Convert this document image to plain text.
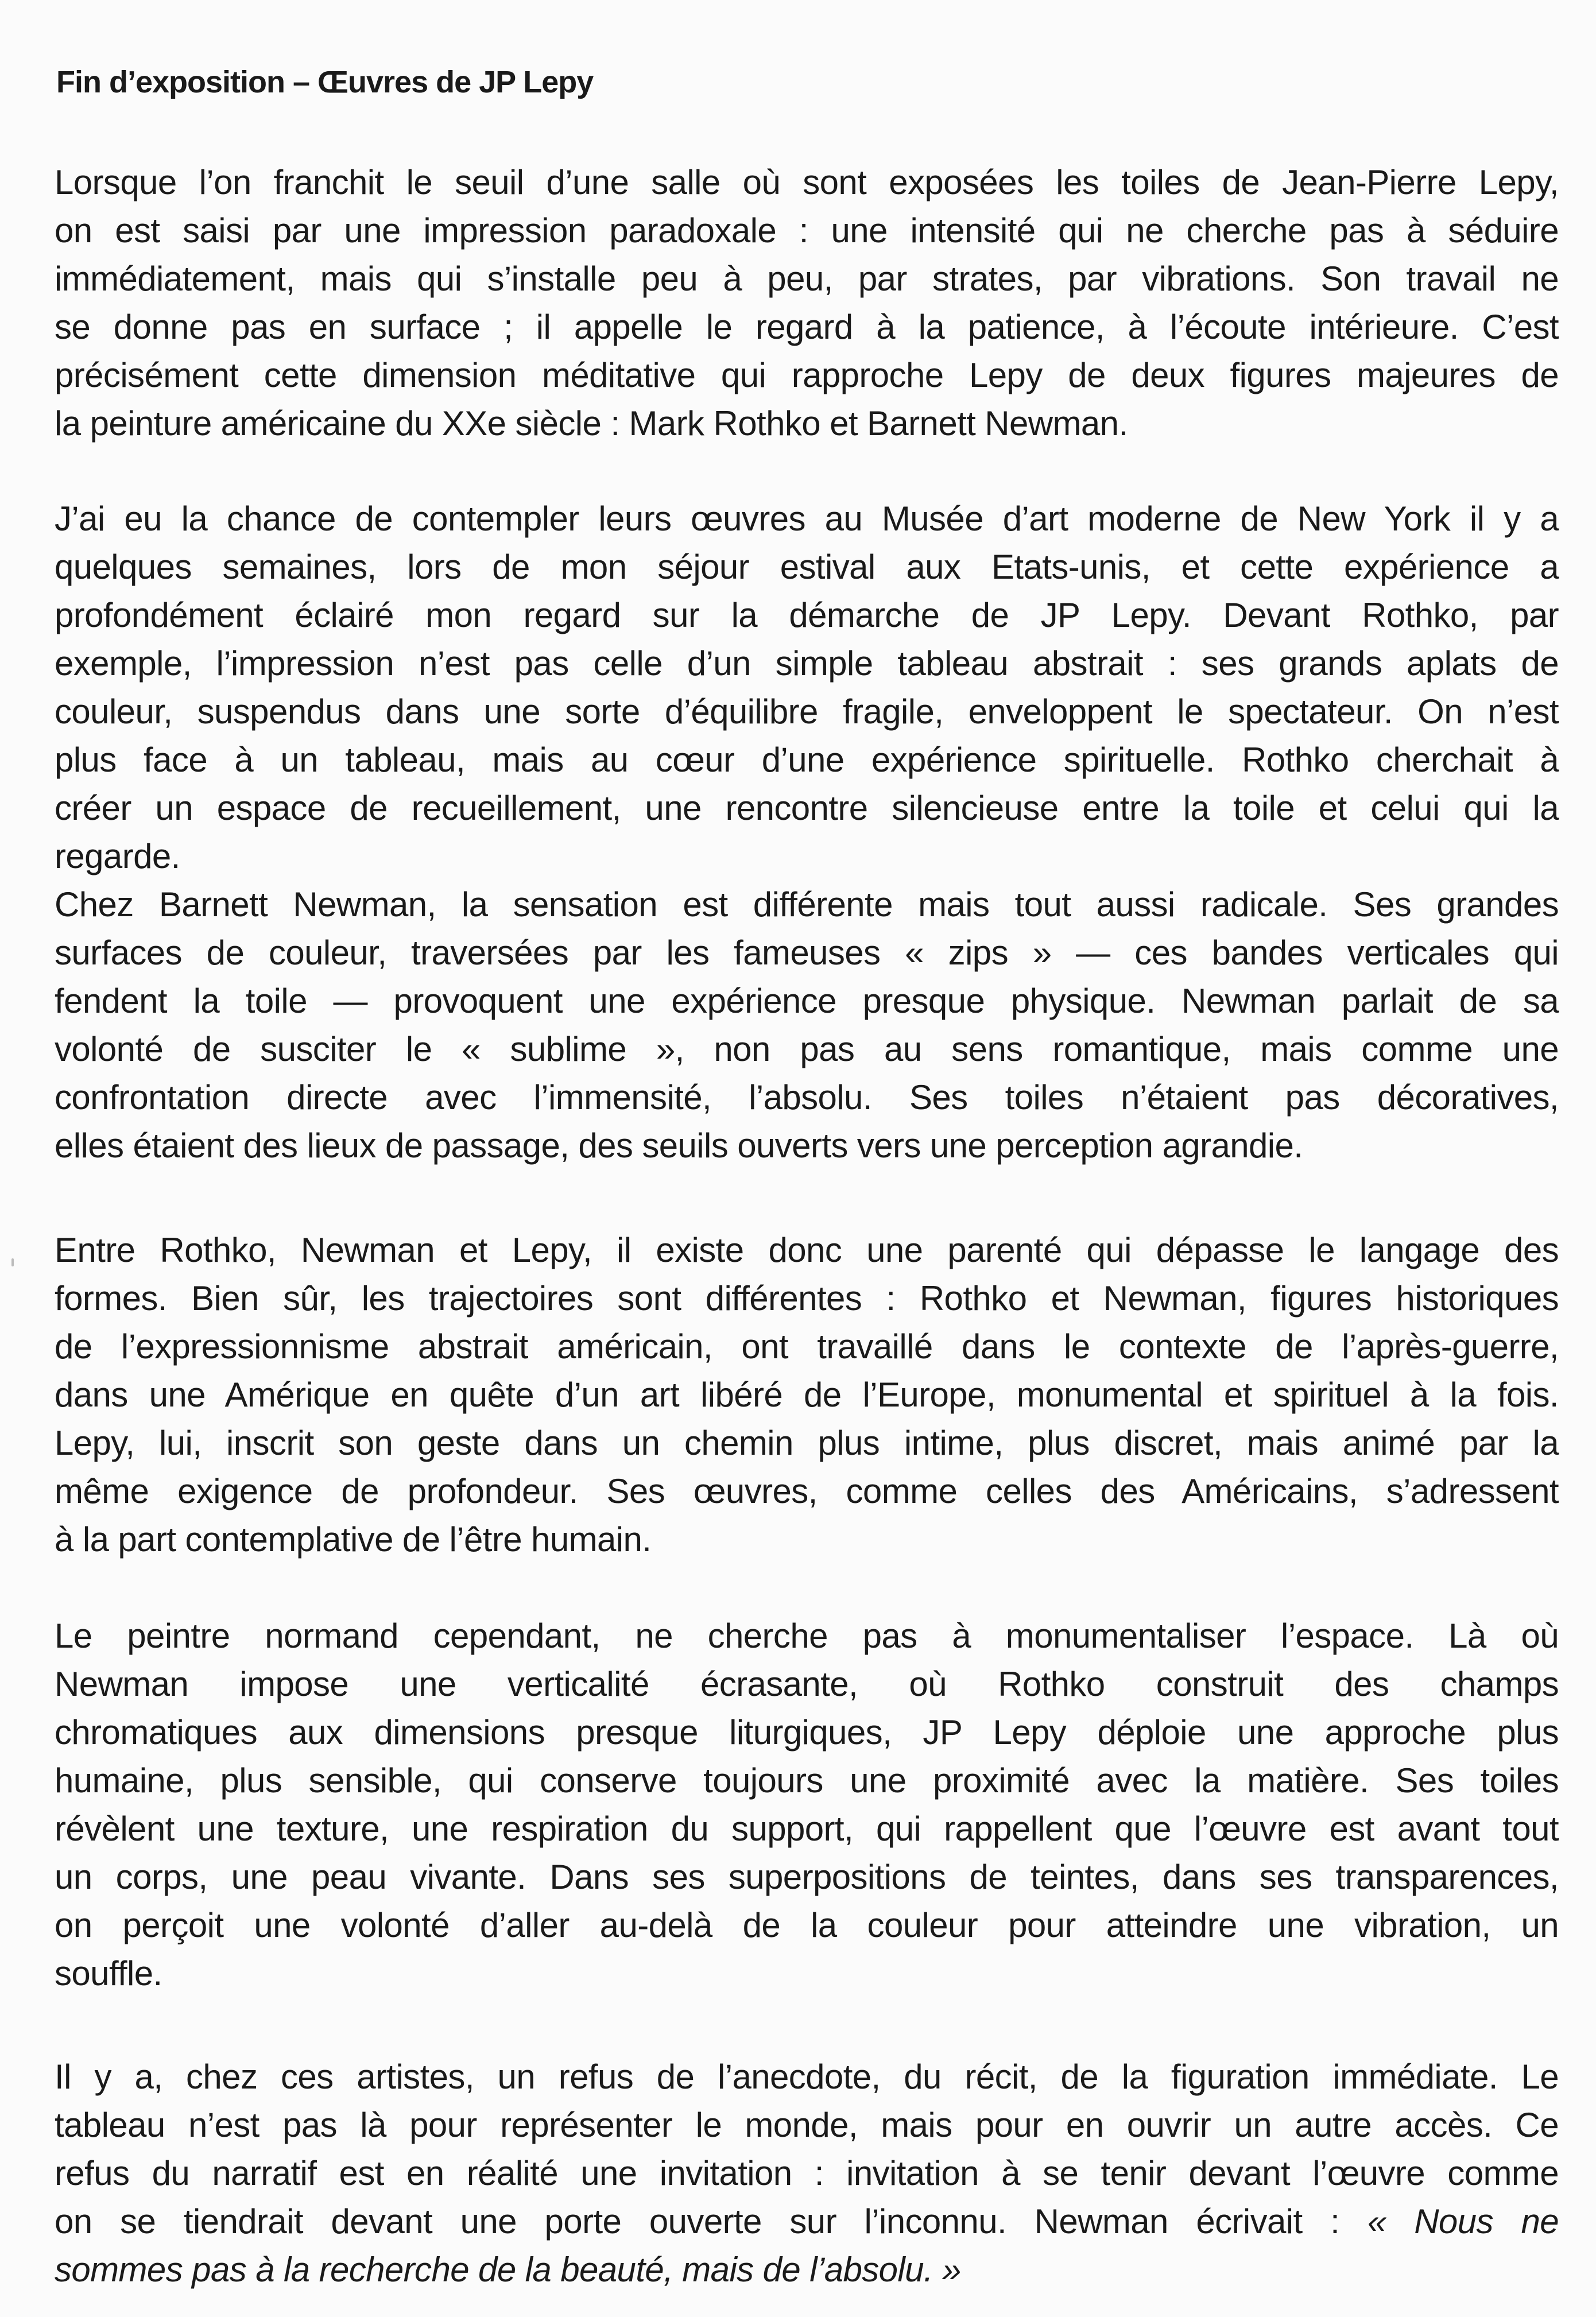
Fin d’exposition – Œuvres de JP Lepy
Lorsque l’on franchit le seuil d’une salle où sont exposées les toiles de Jean-Pierre Lepy,
on est saisi par une impression paradoxale : une intensité qui ne cherche pas à séduire
immédiatement, mais qui s’installe peu à peu, par strates, par vibrations. Son travail ne
se donne pas en surface ; il appelle le regard à la patience, à l’écoute intérieure. C’est
précisément cette dimension méditative qui rapproche Lepy de deux figures majeures de
la peinture américaine du XXe siècle : Mark Rothko et Barnett Newman.
J’ai eu la chance de contempler leurs œuvres au Musée d’art moderne de New York il y a
quelques semaines, lors de mon séjour estival aux Etats-unis, et cette expérience a
profondément éclairé mon regard sur la démarche de JP Lepy. Devant Rothko, par
exemple, l’impression n’est pas celle d’un simple tableau abstrait : ses grands aplats de
couleur, suspendus dans une sorte d’équilibre fragile, enveloppent le spectateur. On n’est
plus face à un tableau, mais au cœur d’une expérience spirituelle. Rothko cherchait à
créer un espace de recueillement, une rencontre silencieuse entre la toile et celui qui la
regarde.
Chez Barnett Newman, la sensation est différente mais tout aussi radicale. Ses grandes
surfaces de couleur, traversées par les fameuses « zips » — ces bandes verticales qui
fendent la toile — provoquent une expérience presque physique. Newman parlait de sa
volonté de susciter le « sublime », non pas au sens romantique, mais comme une
confrontation directe avec l’immensité, l’absolu. Ses toiles n’étaient pas décoratives,
elles étaient des lieux de passage, des seuils ouverts vers une perception agrandie.
Entre Rothko, Newman et Lepy, il existe donc une parenté qui dépasse le langage des
formes. Bien sûr, les trajectoires sont différentes : Rothko et Newman, figures historiques
de l’expressionnisme abstrait américain, ont travaillé dans le contexte de l’après-guerre,
dans une Amérique en quête d’un art libéré de l’Europe, monumental et spirituel à la fois.
Lepy, lui, inscrit son geste dans un chemin plus intime, plus discret, mais animé par la
même exigence de profondeur. Ses œuvres, comme celles des Américains, s’adressent
à la part contemplative de l’être humain.
Le peintre normand cependant, ne cherche pas à monumentaliser l’espace. Là où
Newman impose une verticalité écrasante, où Rothko construit des champs
chromatiques aux dimensions presque liturgiques, JP Lepy déploie une approche plus
humaine, plus sensible, qui conserve toujours une proximité avec la matière. Ses toiles
révèlent une texture, une respiration du support, qui rappellent que l’œuvre est avant tout
un corps, une peau vivante. Dans ses superpositions de teintes, dans ses transparences,
on perçoit une volonté d’aller au-delà de la couleur pour atteindre une vibration, un
souffle.
Il y a, chez ces artistes, un refus de l’anecdote, du récit, de la figuration immédiate. Le
tableau n’est pas là pour représenter le monde, mais pour en ouvrir un autre accès. Ce
refus du narratif est en réalité une invitation : invitation à se tenir devant l’œuvre comme
on se tiendrait devant une porte ouverte sur l’inconnu. Newman écrivait : « Nous ne
sommes pas à la recherche de la beauté, mais de l’absolu. »
